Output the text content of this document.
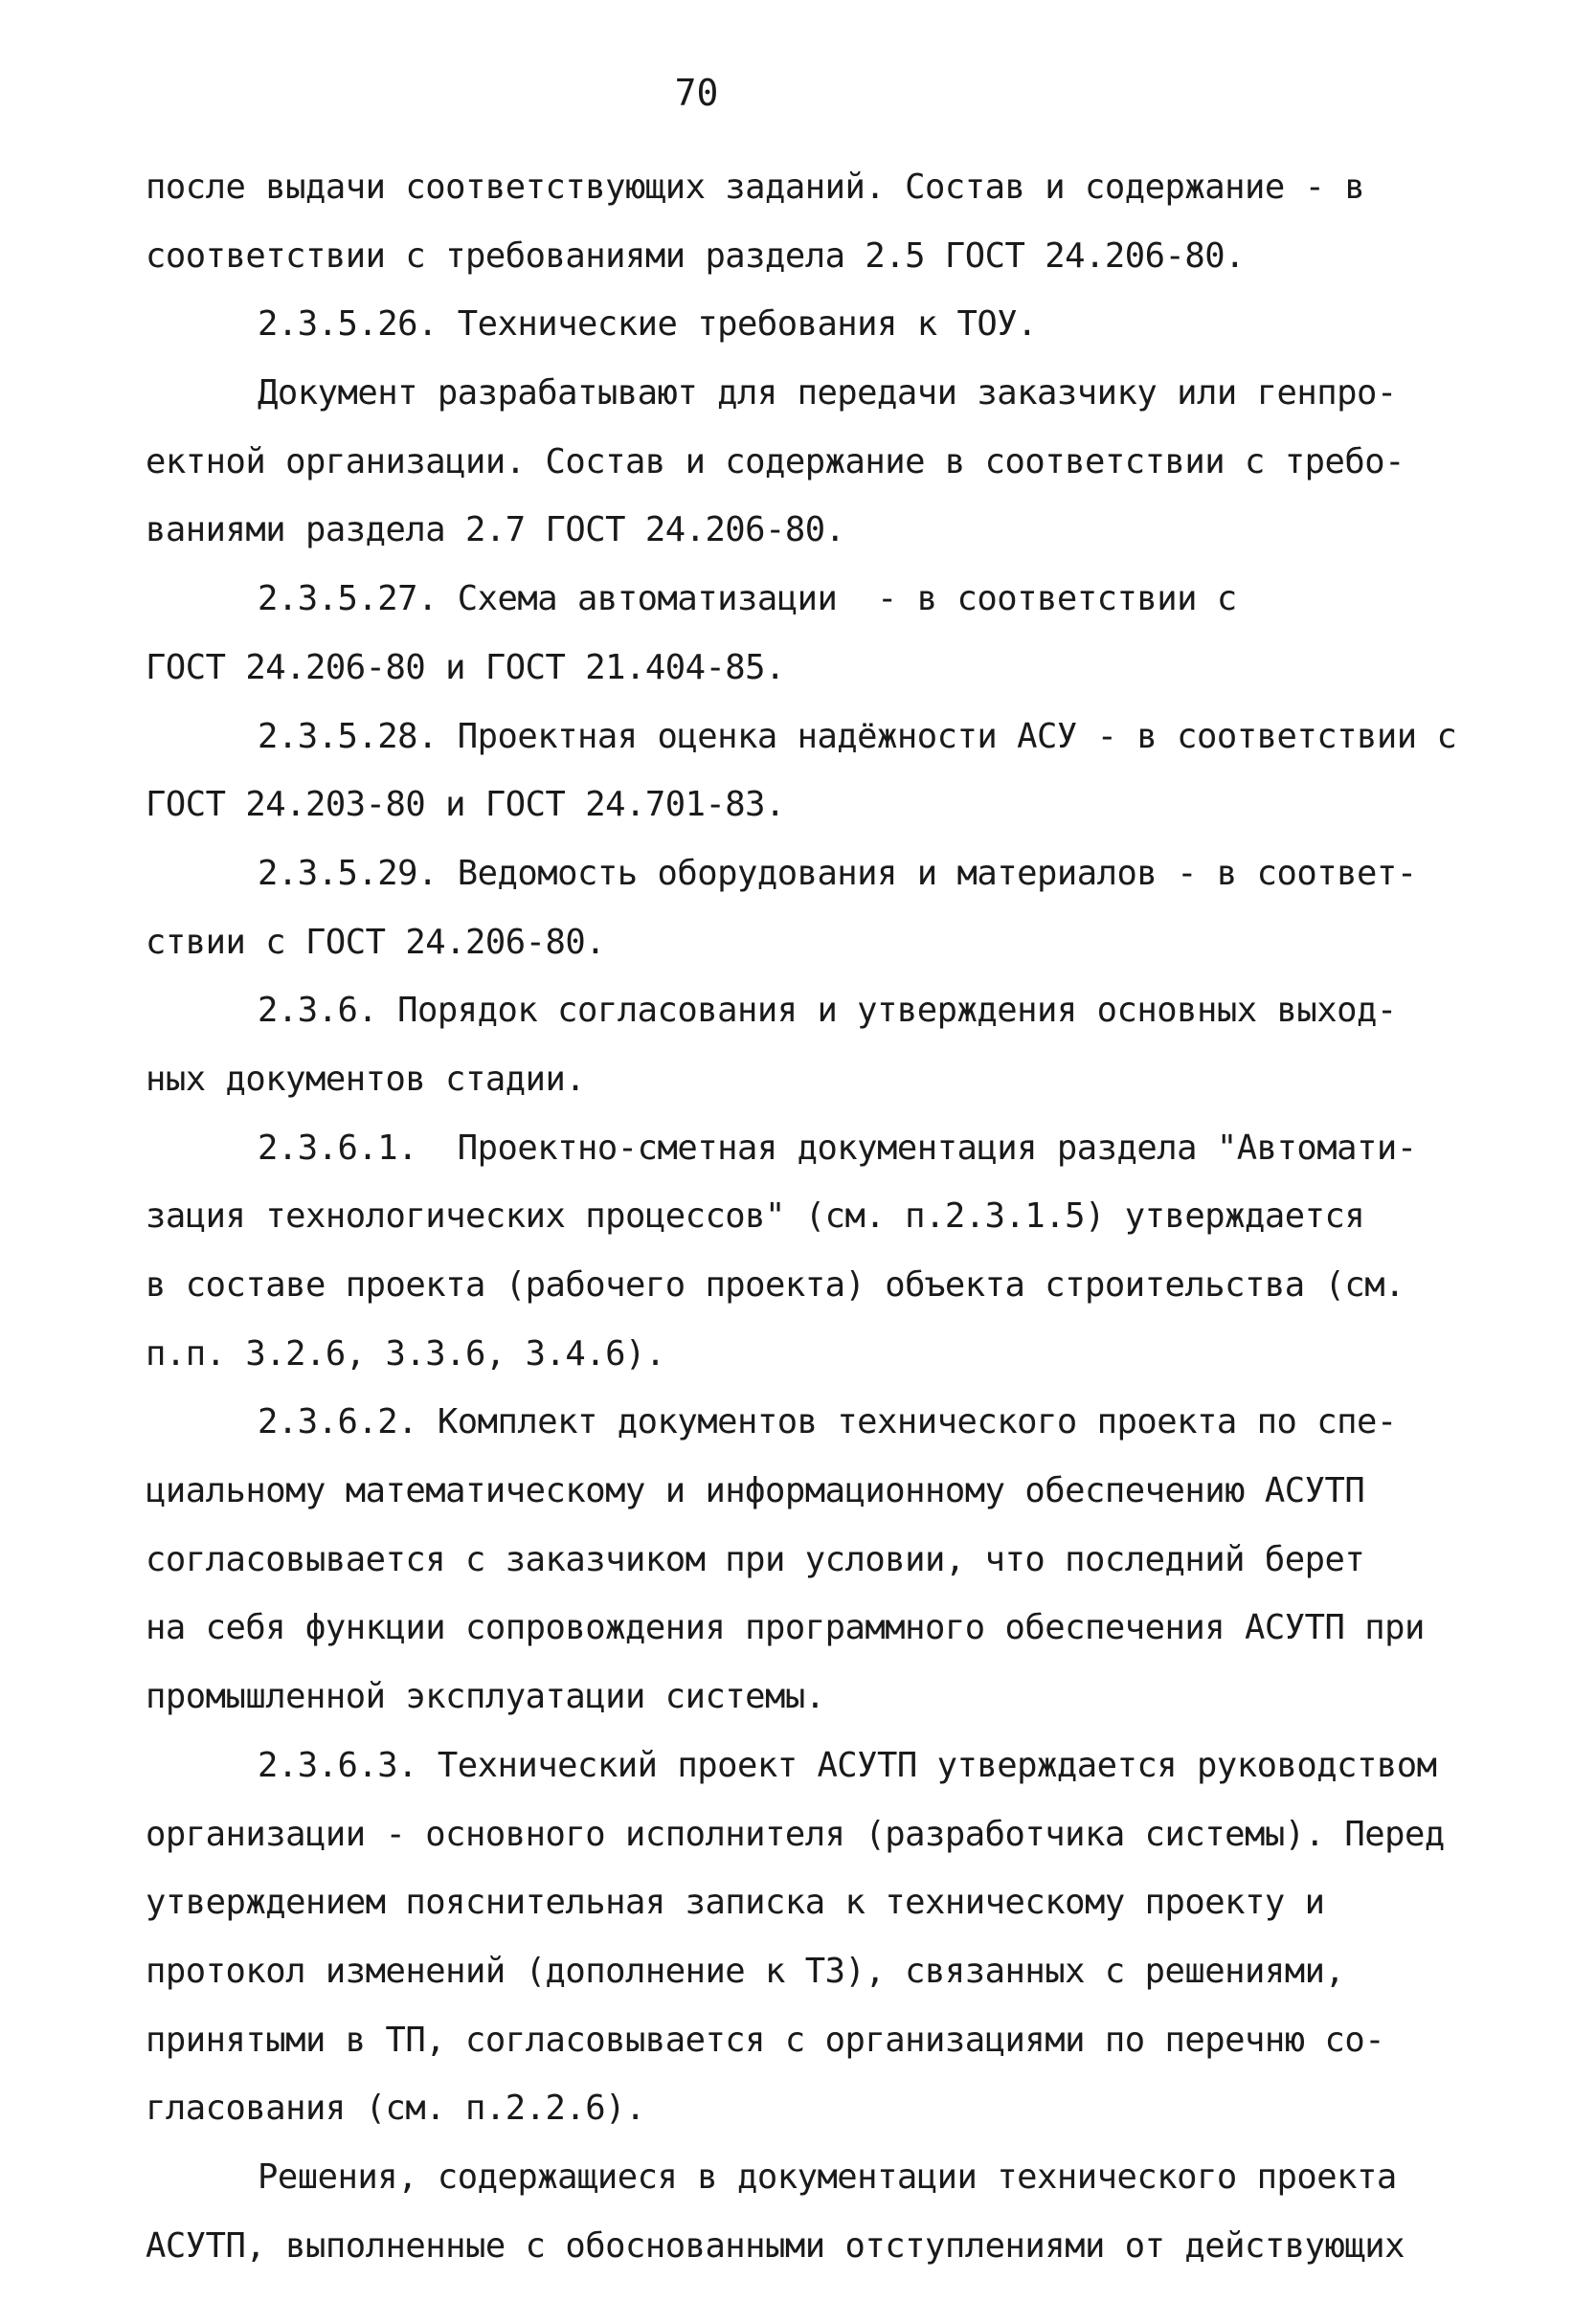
70
после выдачи соответствующих заданий. Состав и содержание - в
соответствии с требованиями раздела 2.5 ГОСТ 24.206-80.
2.3.5.26. Технические требования к ТОУ.
Документ разрабатывают для передачи заказчику или генпро-
ектной организации. Состав и содержание в соответствии с требо-
ваниями раздела 2.7 ГОСТ 24.206-80.
2.3.5.27. Схема автоматизации  - в соответствии с
ГОСТ 24.206-80 и ГОСТ 21.404-85.
2.3.5.28. Проектная оценка надёжности АСУ - в соответствии с
ГОСТ 24.203-80 и ГОСТ 24.701-83.
2.3.5.29. Ведомость оборудования и материалов - в соответ-
ствии с ГОСТ 24.206-80.
2.3.6. Порядок согласования и утверждения основных выход-
ных документов стадии.
2.3.6.1.  Проектно-сметная документация раздела "Автомати-
зация технологических процессов" (см. п.2.3.1.5) утверждается
в составе проекта (рабочего проекта) объекта строительства (см.
п.п. 3.2.6, 3.3.6, 3.4.6).
2.3.6.2. Комплект документов технического проекта по спе-
циальному математическому и информационному обеспечению АСУТП
согласовывается с заказчиком при условии, что последний берет
на себя функции сопровождения программного обеспечения АСУТП при
промышленной эксплуатации системы.
2.3.6.3. Технический проект АСУТП утверждается руководством
организации - основного исполнителя (разработчика системы). Перед
утверждением пояснительная записка к техническому проекту и
протокол изменений (дополнение к ТЗ), связанных с решениями,
принятыми в ТП, согласовывается с организациями по перечню со-
гласования (см. п.2.2.6).
Решения, содержащиеся в документации технического проекта
АСУТП, выполненные с обоснованными отступлениями от действующих
